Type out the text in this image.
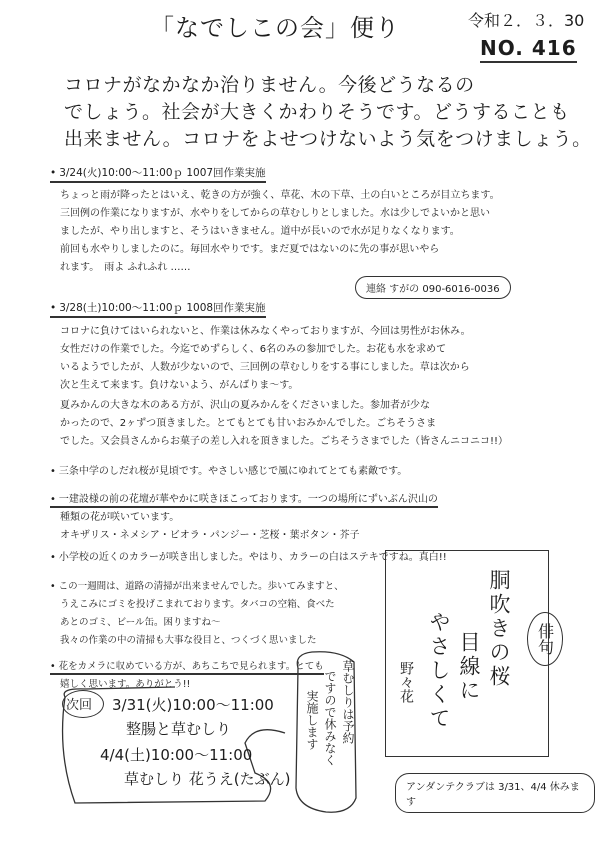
「なでしこの会」便り	令和２．３．30
NO. 416
コロナがなかなか治りません。今後どうなるの
でしょう。社会が大きくかわりそうです。どうすることも
出来ません。コロナをよせつけないよう気をつけましょう。
• 3/24(火)10:00〜11:00ｐ 1007回作業実施
ちょっと雨が降ったとはいえ、乾きの方が強く、草花、木の下草、土の白いところが目立ちます。
三回例の作業になりますが、水やりをしてからの草むしりとしました。水は少しでよいかと思い
ましたが、やり出しますと、そうはいきません。道中が長いので水が足りなくなります。
前回も水やりしましたのに。毎回水やりです。まだ夏ではないのに先の事が思いやら
れます。　雨よ ふれふれ ……
連絡 すがの 090-6016-0036
• 3/28(土)10:00〜11:00ｐ 1008回作業実施
コロナに負けてはいられないと、作業は休みなくやっておりますが、今回は男性がお休み。
女性だけの作業でした。今迄でめずらしく、6名のみの参加でした。お花も水を求めて
いるようでしたが、人数が少ないので、三回例の草むしりをする事にしました。草は次から
次と生えて来ます。負けないよう、がんばりま〜す。
夏みかんの大きな木のある方が、沢山の夏みかんをくださいました。参加者が少な
かったので、2ヶずつ頂きました。とてもとても甘いおみかんでした。ごちそうさま
でした。又会員さんからお菓子の差し入れを頂きました。ごちそうさまでした（皆さんニコニコ!!）
• 三条中学のしだれ桜が見頃です。やさしい感じで風にゆれてとても素敵です。
• 一建設様の前の花壇が華やかに咲きほこっております。一つの場所にずいぶん沢山の
種類の花が咲いています。
オキザリス・ネメシア・ビオラ・パンジー・芝桜・葉ボタン・芥子
• 小学校の近くのカラーが咲き出しました。やはり、カラーの白はステキですね。真白!!
• この一週間は、道路の清掃が出来ませんでした。歩いてみますと、
うえこみにゴミを投げこまれております。タバコの空箱、食べた
あとのゴミ、ビール缶。困りますね〜
我々の作業の中の清掃も大事な役目と、つくづく思いました
• 花をカメラに収めている方が、あちこちで見られます。とても
嬉しく思います。ありがとう!!	胴吹きの桜
目線に
やさしくて
野々花
俳句
次回 3/31(火)10:00〜11:00
整腸と草むしり
4/4(土)10:00〜11:00
草むしり 花うえ(たぶん)
草むしりは予約
ですので休みなく
実施します
アンダンテクラブは 3/31、4/4 休みます
